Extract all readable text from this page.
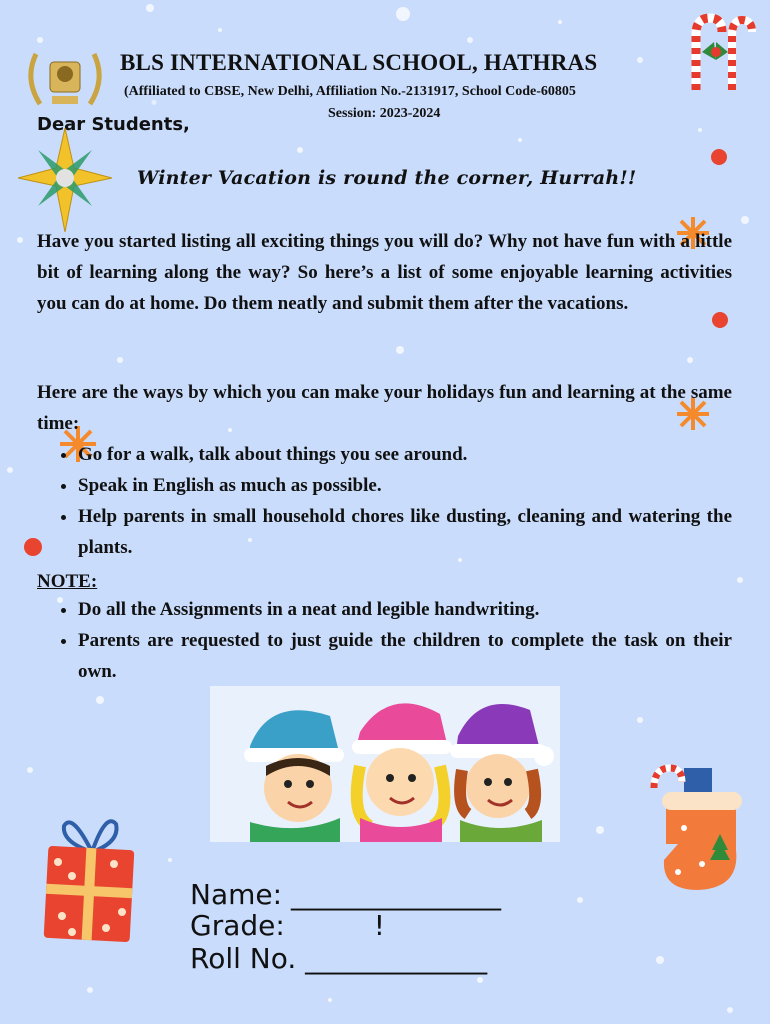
BLS INTERNATIONAL SCHOOL, HATHRAS
(Affiliated to CBSE, New Delhi, Affiliation No.-2131917, School Code-60805
Session: 2023-2024
Dear Students,
Winter Vacation is round the corner, Hurrah!!
Have you started listing all exciting things you will do? Why not have fun with a little bit of learning along the way? So here’s a list of some enjoyable learning activities you can do at home. Do them neatly and submit them after the vacations.
Here are the ways by which you can make your holidays fun and learning at the same time:
• Go for a walk, talk about things you see around.
• Speak in English as much as possible.
• Help parents in small household chores like dusting, cleaning and watering the plants.
NOTE:
• Do all the Assignments in a neat and legible handwriting.
• Parents are requested to just guide the children to complete the task on their own.
Name: _______________
Grade:          !
Roll No. _____________
